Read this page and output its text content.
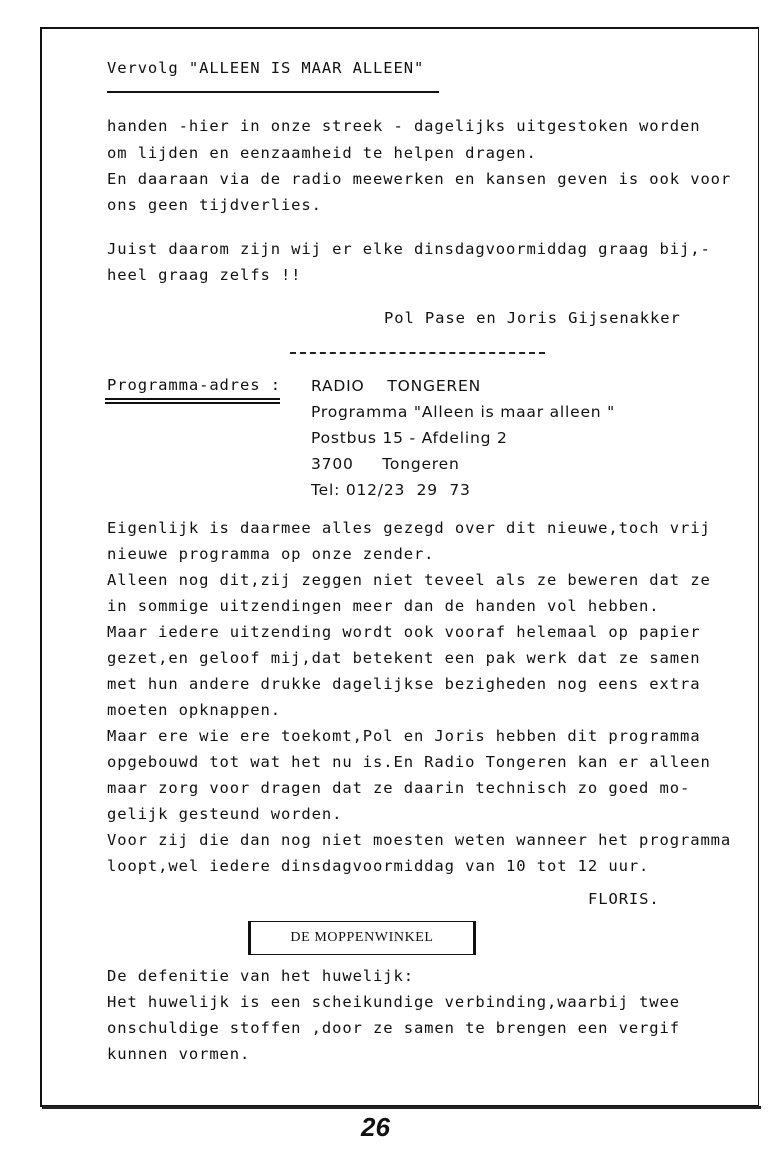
Vervolg "ALLEEN IS MAAR ALLEEN"
handen -hier in onze streek - dagelijks uitgestoken worden
om lijden en eenzaamheid te helpen dragen.
En daaraan via de radio meewerken en kansen geven is ook voor
ons geen tijdverlies.
Juist daarom zijn wij er elke dinsdagvoormiddag graag bij,-
heel graag zelfs !!
Pol Pase en Joris Gijsenakker
Programma-adres : RADIO    TONGEREN
Programma "Alleen is maar alleen "
Postbus 15 - Afdeling 2
3700     Tongeren
Tel: 012/23  29  73
Eigenlijk is daarmee alles gezegd over dit nieuwe,toch vrij
nieuwe programma op onze zender.
Alleen nog dit,zij zeggen niet teveel als ze beweren dat ze
in sommige uitzendingen meer dan de handen vol hebben.
Maar iedere uitzending wordt ook vooraf helemaal op papier
gezet,en geloof mij,dat betekent een pak werk dat ze samen
met hun andere drukke dagelijkse bezigheden nog eens extra
moeten opknappen.
Maar ere wie ere toekomt,Pol en Joris hebben dit programma
opgebouwd tot wat het nu is.En Radio Tongeren kan er alleen
maar zorg voor dragen dat ze daarin technisch zo goed mo-
gelijk gesteund worden.
Voor zij die dan nog niet moesten weten wanneer het programma
loopt,wel iedere dinsdagvoormiddag van 10 tot 12 uur.
FLORIS.
DE MOPPENWINKEL
De defenitie van het huwelijk:
Het huwelijk is een scheikundige verbinding,waarbij twee
onschuldige stoffen ,door ze samen te brengen een vergif
kunnen vormen.
26
